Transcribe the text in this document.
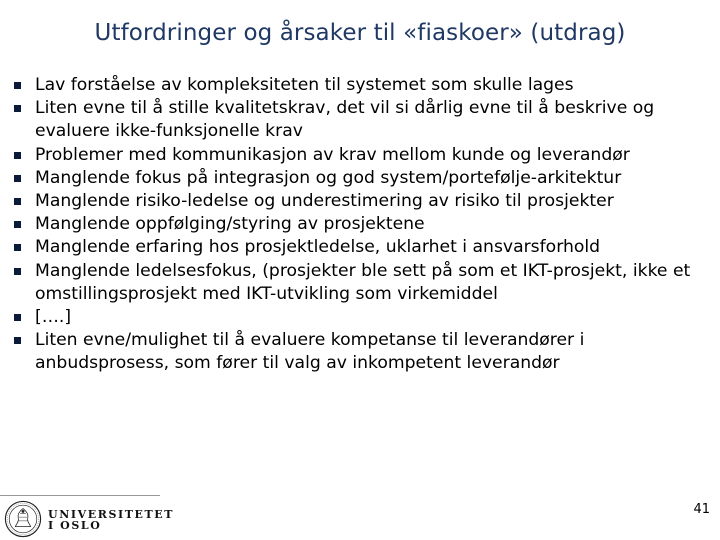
Utfordringer og årsaker til «fiaskoer» (utdrag)
Lav forståelse av kompleksiteten til systemet som skulle lages
Liten evne til å stille kvalitetskrav, det vil si dårlig evne til å beskrive og evaluere ikke-funksjonelle krav
Problemer med kommunikasjon av krav mellom kunde og leverandør
Manglende fokus på integrasjon og god system/portefølje-arkitektur
Manglende risiko-ledelse og underestimering av risiko til prosjekter
Manglende oppfølging/styring av prosjektene
Manglende erfaring hos prosjektledelse, uklarhet i ansvarsforhold
Manglende ledelsesfokus, (prosjekter ble sett på som et IKT-prosjekt, ikke et omstillingsprosjekt med IKT-utvikling som virkemiddel
[….]
Liten evne/mulighet til å evaluere kompetanse til leverandører i anbudsprosess, som fører til valg av inkompetent leverandør
UNIVERSITETET
I OSLO
41
